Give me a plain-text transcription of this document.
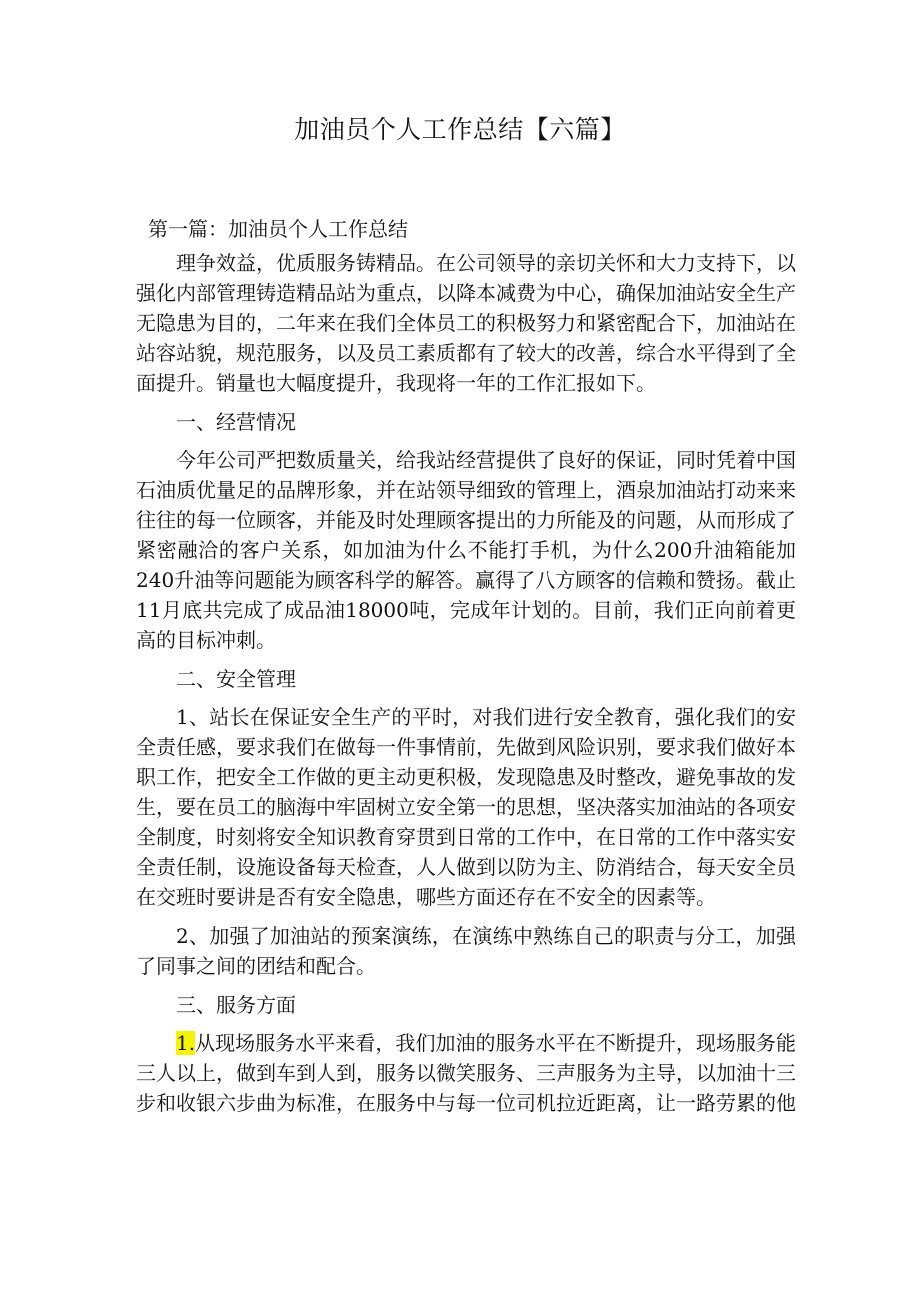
加油员个人工作总结【六篇】

第一篇：加油员个人工作总结

理争效益，优质服务铸精品。在公司领导的亲切关怀和大力支持下，以强化内部管理铸造精品站为重点，以降本减费为中心，确保加油站安全生产无隐患为目的，二年来在我们全体员工的积极努力和紧密配合下，加油站在站容站貌，规范服务，以及员工素质都有了较大的改善，综合水平得到了全面提升。销量也大幅度提升，我现将一年的工作汇报如下。

一、经营情况

今年公司严把数质量关，给我站经营提供了良好的保证，同时凭着中国石油质优量足的品牌形象，并在站领导细致的管理上，酒泉加油站打动来来往往的每一位顾客，并能及时处理顾客提出的力所能及的问题，从而形成了紧密融洽的客户关系，如加油为什么不能打手机，为什么200升油箱能加240升油等问题能为顾客科学的解答。赢得了八方顾客的信赖和赞扬。截止11月底共完成了成品油18000吨，完成年计划的。目前，我们正向前着更高的目标冲刺。

二、安全管理

1、站长在保证安全生产的平时，对我们进行安全教育，强化我们的安全责任感，要求我们在做每一件事情前，先做到风险识别，要求我们做好本职工作，把安全工作做的更主动更积极，发现隐患及时整改，避免事故的发生，要在员工的脑海中牢固树立安全第一的思想，坚决落实加油站的各项安全制度，时刻将安全知识教育穿贯到日常的工作中，在日常的工作中落实安全责任制，设施设备每天检查，人人做到以防为主、防消结合，每天安全员在交班时要讲是否有安全隐患，哪些方面还存在不安全的因素等。

2、加强了加油站的预案演练，在演练中熟练自己的职责与分工，加强了同事之间的团结和配合。

三、服务方面

1.从现场服务水平来看，我们加油的服务水平在不断提升，现场服务能三人以上，做到车到人到，服务以微笑服务、三声服务为主导，以加油十三步和收银六步曲为标准，在服务中与每一位司机拉近距离，让一路劳累的他
